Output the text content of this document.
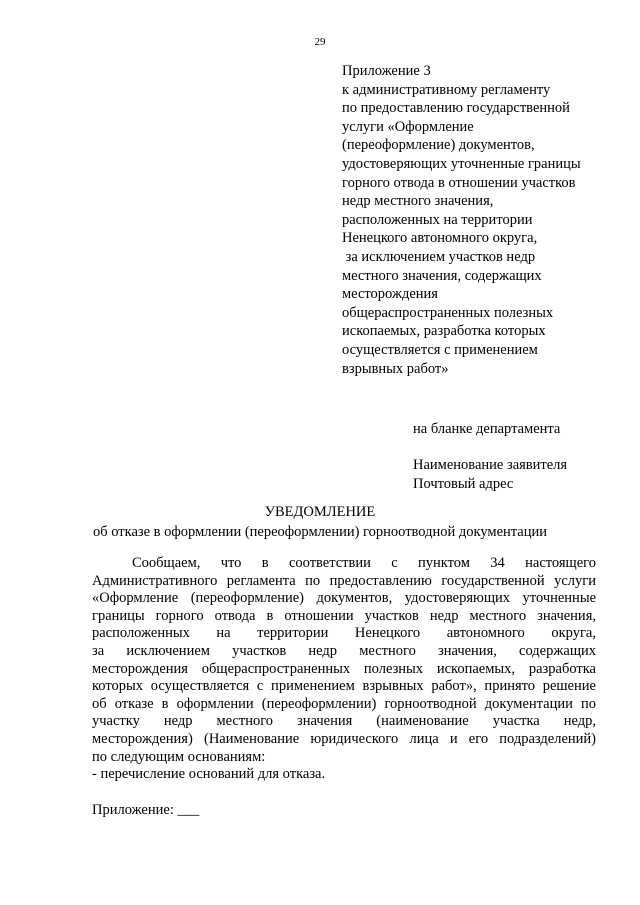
29
Приложение 3
к административному регламенту
по предоставлению государственной
услуги «Оформление
(переоформление) документов,
удостоверяющих уточненные границы
горного отвода в отношении участков
недр местного значения,
расположенных на территории
Ненецкого автономного округа,
за исключением участков недр
местного значения, содержащих
месторождения
общераспространенных полезных
ископаемых, разработка которых
осуществляется с применением
взрывных работ»
на бланке департамента
Наименование заявителя
Почтовый адрес
УВЕДОМЛЕНИЕ
об отказе в оформлении (переоформлении) горноотводной документации
Сообщаем, что в соответствии с пунктом 34 настоящего
Административного регламента по предоставлению государственной услуги
«Оформление (переоформление) документов, удостоверяющих уточненные
границы горного отвода в отношении участков недр местного значения,
расположенных на территории Ненецкого автономного округа,
за исключением участков недр местного значения, содержащих
месторождения общераспространенных полезных ископаемых, разработка
которых осуществляется с применением взрывных работ», принято решение
об отказе в оформлении (переоформлении) горноотводной документации по
участку недр местного значения (наименование участка недр,
месторождения) (Наименование юридического лица и его подразделений)
по следующим основаниям:
- перечисление оснований для отказа.
Приложение: ___
